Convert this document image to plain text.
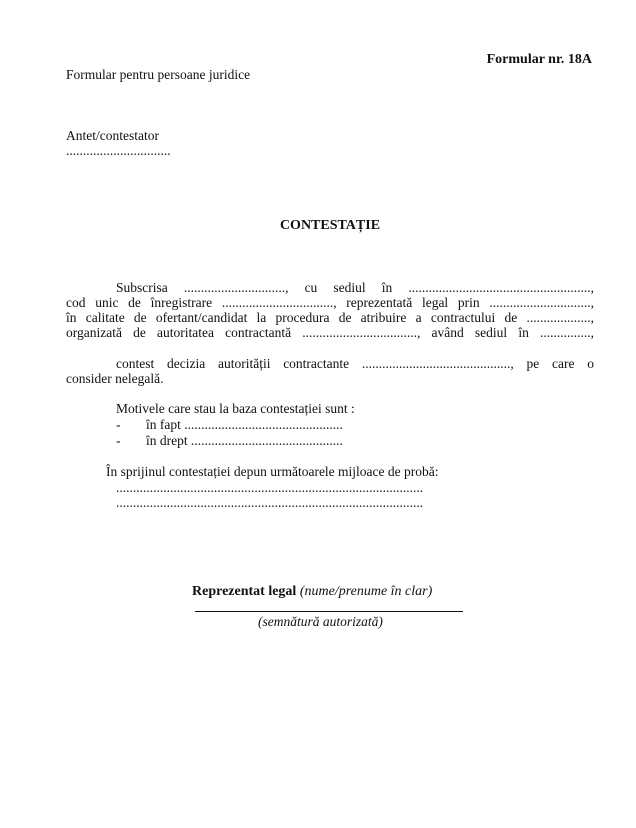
Formular nr. 18A
Formular pentru persoane juridice
Antet/contestator
...............................
CONTESTAȚIE
Subscrisa .............................., cu sediul în ......................................................,
cod unic de înregistrare ................................., reprezentată legal prin ..............................,
în calitate de ofertant/candidat la procedura de atribuire a contractului de ...................,
organizată de autoritatea contractantă .................................., având sediul în ...............,
contest decizia autorității contractante ............................................, pe care o
consider nelegală.
Motivele care stau la baza contestației sunt :
- în fapt ...............................................
- în drept .............................................
În sprijinul contestației depun următoarele mijloace de probă:
...........................................................................................
...........................................................................................
Reprezentat legal (nume/prenume în clar)
(semnătură autorizată)
